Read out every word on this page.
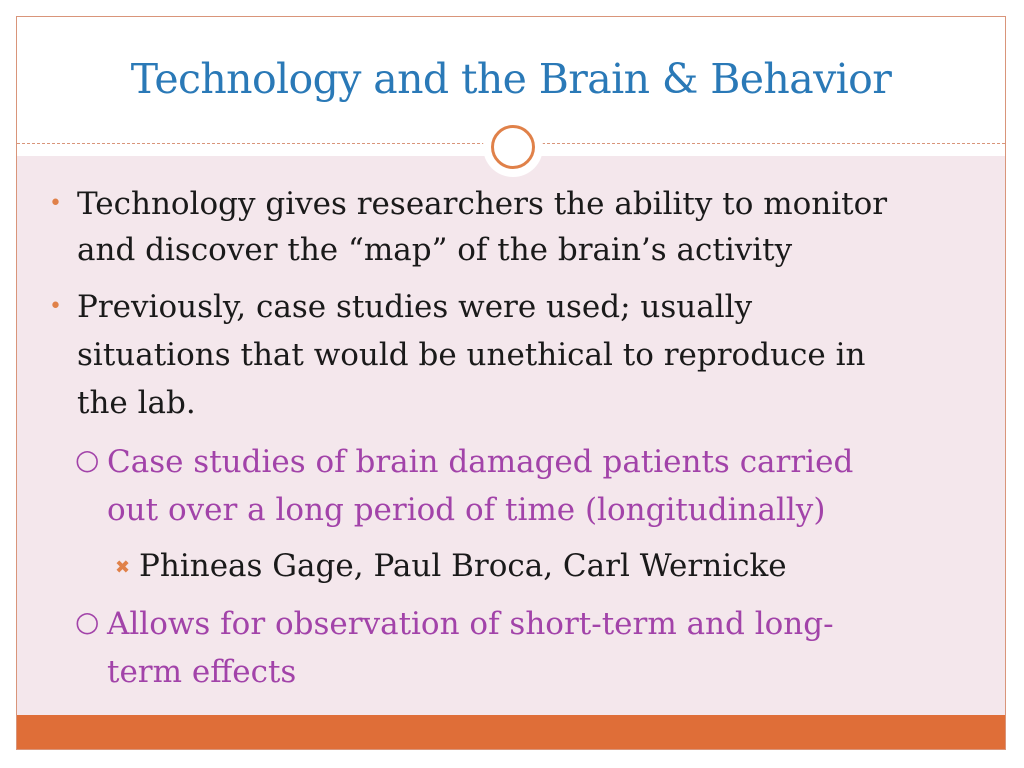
Technology and the Brain & Behavior
• Technology gives researchers the ability to monitor
and discover the “map” of the brain’s activity
• Previously, case studies were used; usually
situations that would be unethical to reproduce in
the lab.
○ Case studies of brain damaged patients carried
out over a long period of time (longitudinally)
✖ Phineas Gage, Paul Broca, Carl Wernicke
○ Allows for observation of short-term and long-
term effects
